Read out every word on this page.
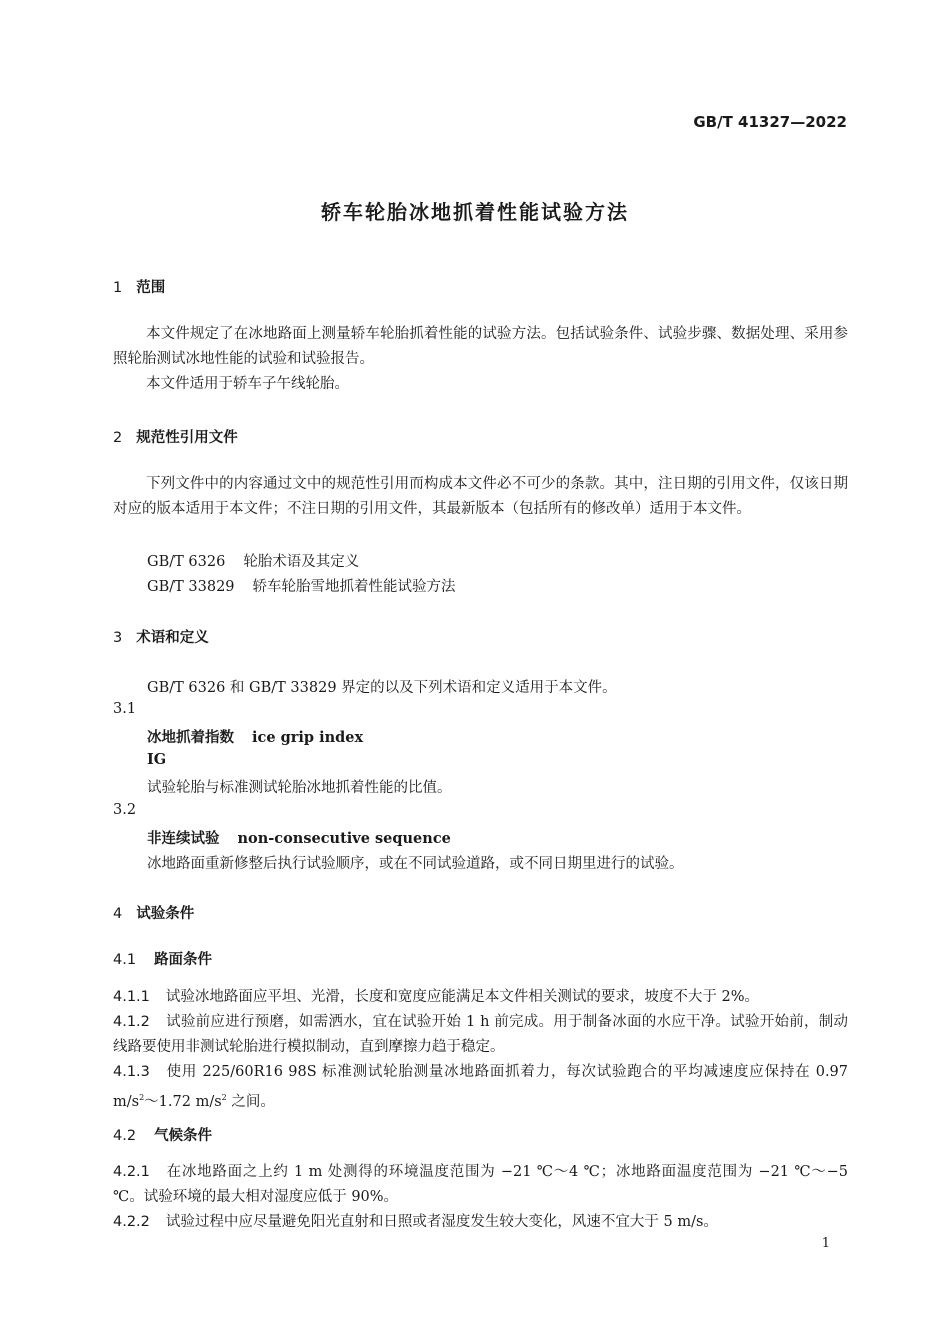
GB/T 41327—2022
轿车轮胎冰地抓着性能试验方法
1 范围
本文件规定了在冰地路面上测量轿车轮胎抓着性能的试验方法。包括试验条件、试验步骤、数据处理、采用参照轮胎测试冰地性能的试验和试验报告。
本文件适用于轿车子午线轮胎。
2 规范性引用文件
下列文件中的内容通过文中的规范性引用而构成本文件必不可少的条款。其中，注日期的引用文件，仅该日期对应的版本适用于本文件；不注日期的引用文件，其最新版本（包括所有的修改单）适用于本文件。
GB/T 6326 轮胎术语及其定义
GB/T 33829 轿车轮胎雪地抓着性能试验方法
3 术语和定义
GB/T 6326 和 GB/T 33829 界定的以及下列术语和定义适用于本文件。
3.1
冰地抓着指数 ice grip index
IG
试验轮胎与标准测试轮胎冰地抓着性能的比值。
3.2
非连续试验 non-consecutive sequence
冰地路面重新修整后执行试验顺序，或在不同试验道路，或不同日期里进行的试验。
4 试验条件
4.1 路面条件
4.1.1 试验冰地路面应平坦、光滑，长度和宽度应能满足本文件相关测试的要求，坡度不大于 2%。
4.1.2 试验前应进行预磨，如需洒水，宜在试验开始 1 h 前完成。用于制备冰面的水应干净。试验开始前，制动线路要使用非测试轮胎进行模拟制动，直到摩擦力趋于稳定。
4.1.3 使用 225/60R16 98S 标准测试轮胎测量冰地路面抓着力，每次试验跑合的平均减速度应保持在 0.97 $m/s^2\sim 1.72$ $m/s^2$ 之间。
4.2 气候条件
4.2.1 在冰地路面之上约 1 m 处测得的环境温度范围为 −21 ℃～4 ℃；冰地路面温度范围为 −21 ℃～−5 ℃。试验环境的最大相对湿度应低于 90%。
4.2.2 试验过程中应尽量避免阳光直射和日照或者湿度发生较大变化，风速不宜大于 5 m/s。
1
